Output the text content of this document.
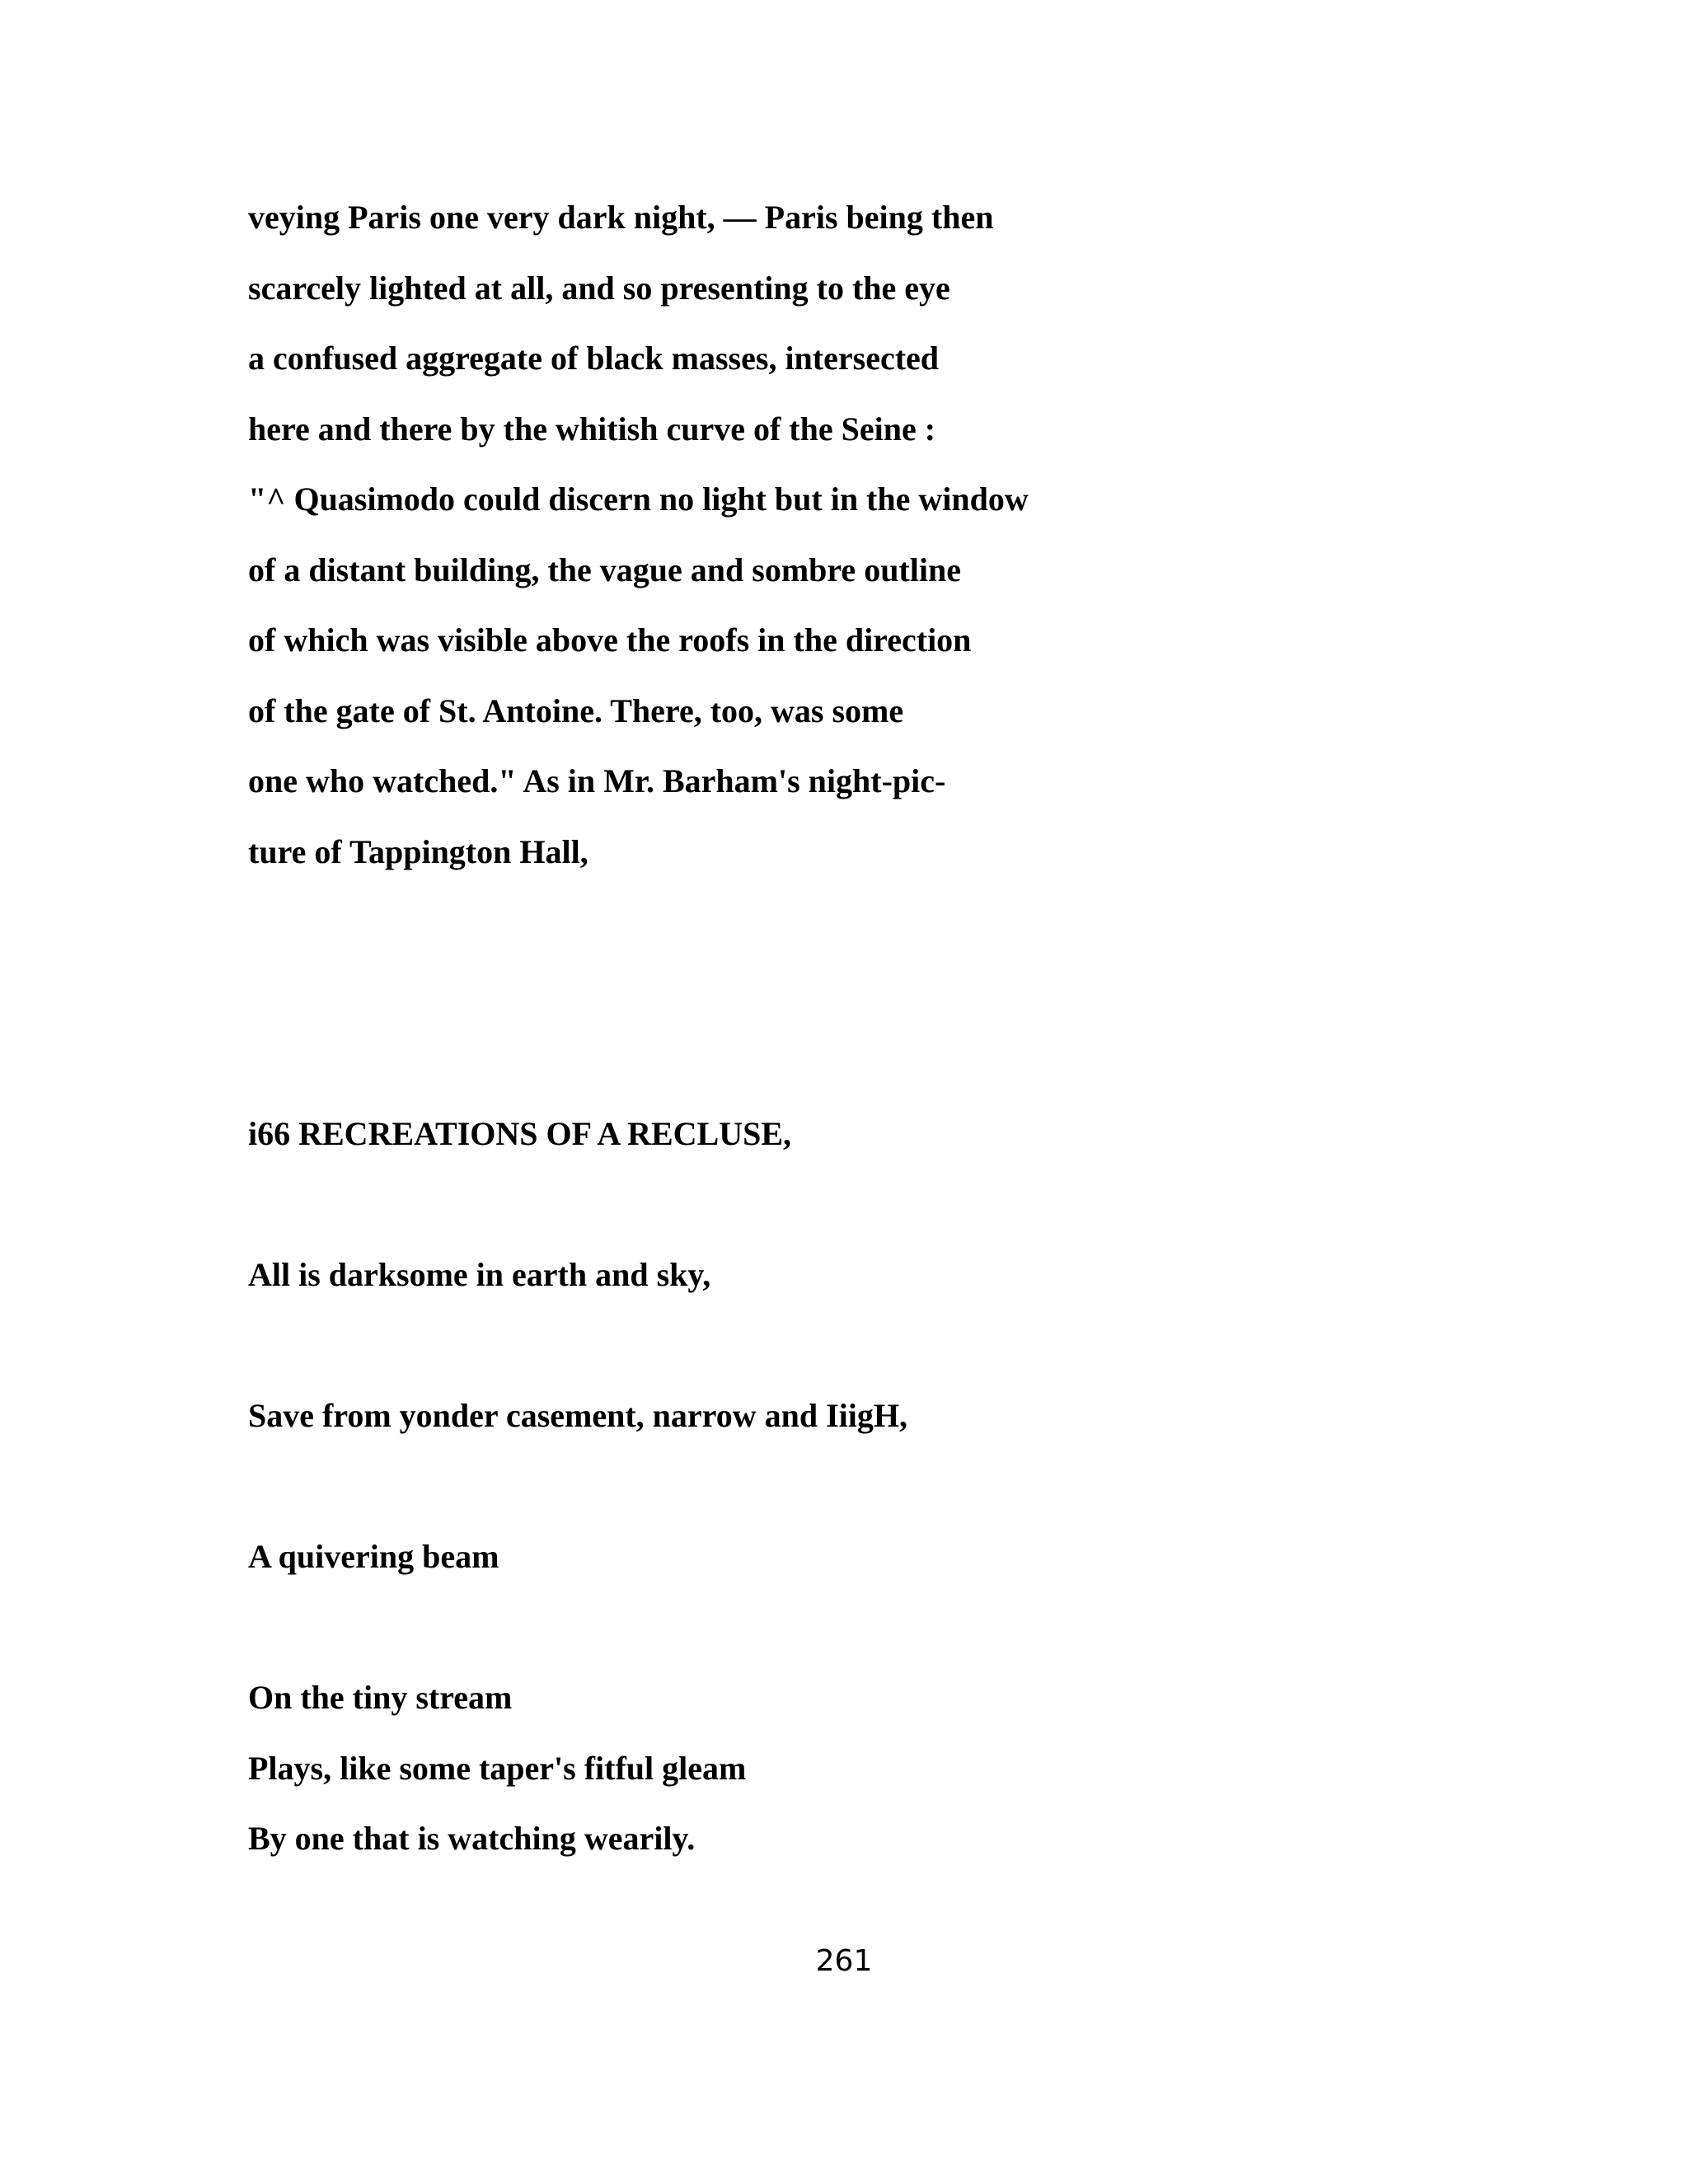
veying Paris one very dark night, — Paris being then
scarcely lighted at all, and so presenting to the eye
a confused aggregate of black masses, intersected
here and there by the whitish curve of the Seine :
"^ Quasimodo could discern no light but in the window
of a distant building, the vague and sombre outline
of which was visible above the roofs in the direction
of the gate of St. Antoine. There, too, was some
one who watched." As in Mr. Barham's night-pic-
ture of Tappington Hall,
i66 RECREATIONS OF A RECLUSE,
All is darksome in earth and sky,
Save from yonder casement, narrow and IiigH,
A quivering beam
On the tiny stream
Plays, like some taper's fitful gleam
By one that is watching wearily.
261
